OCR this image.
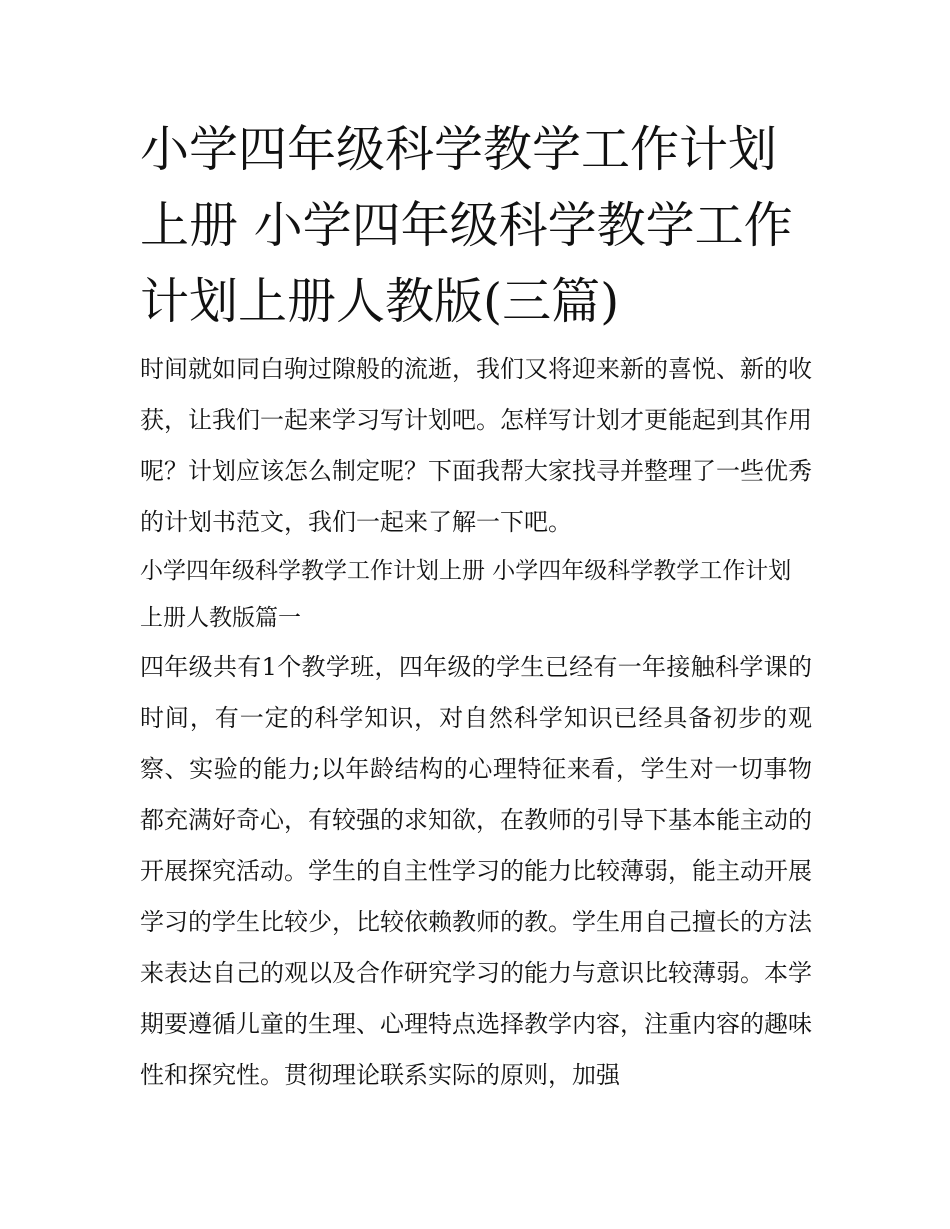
小学四年级科学教学工作计划上册 小学四年级科学教学工作计划上册人教版(三篇)

时间就如同白驹过隙般的流逝，我们又将迎来新的喜悦、新的收获，让我们一起来学习写计划吧。怎样写计划才更能起到其作用呢？计划应该怎么制定呢？下面我帮大家找寻并整理了一些优秀的计划书范文，我们一起来了解一下吧。

小学四年级科学教学工作计划上册 小学四年级科学教学工作计划上册人教版篇一

四年级共有1个教学班，四年级的学生已经有一年接触科学课的时间，有一定的科学知识，对自然科学知识已经具备初步的观察、实验的能力;以年龄结构的心理特征来看，学生对一切事物都充满好奇心，有较强的求知欲，在教师的引导下基本能主动的开展探究活动。学生的自主性学习的能力比较薄弱，能主动开展学习的学生比较少，比较依赖教师的教。学生用自己擅长的方法来表达自己的观以及合作研究学习的能力与意识比较薄弱。本学期要遵循儿童的生理、心理特点选择教学内容，注重内容的趣味性和探究性。贯彻理论联系实际的原则，加强
